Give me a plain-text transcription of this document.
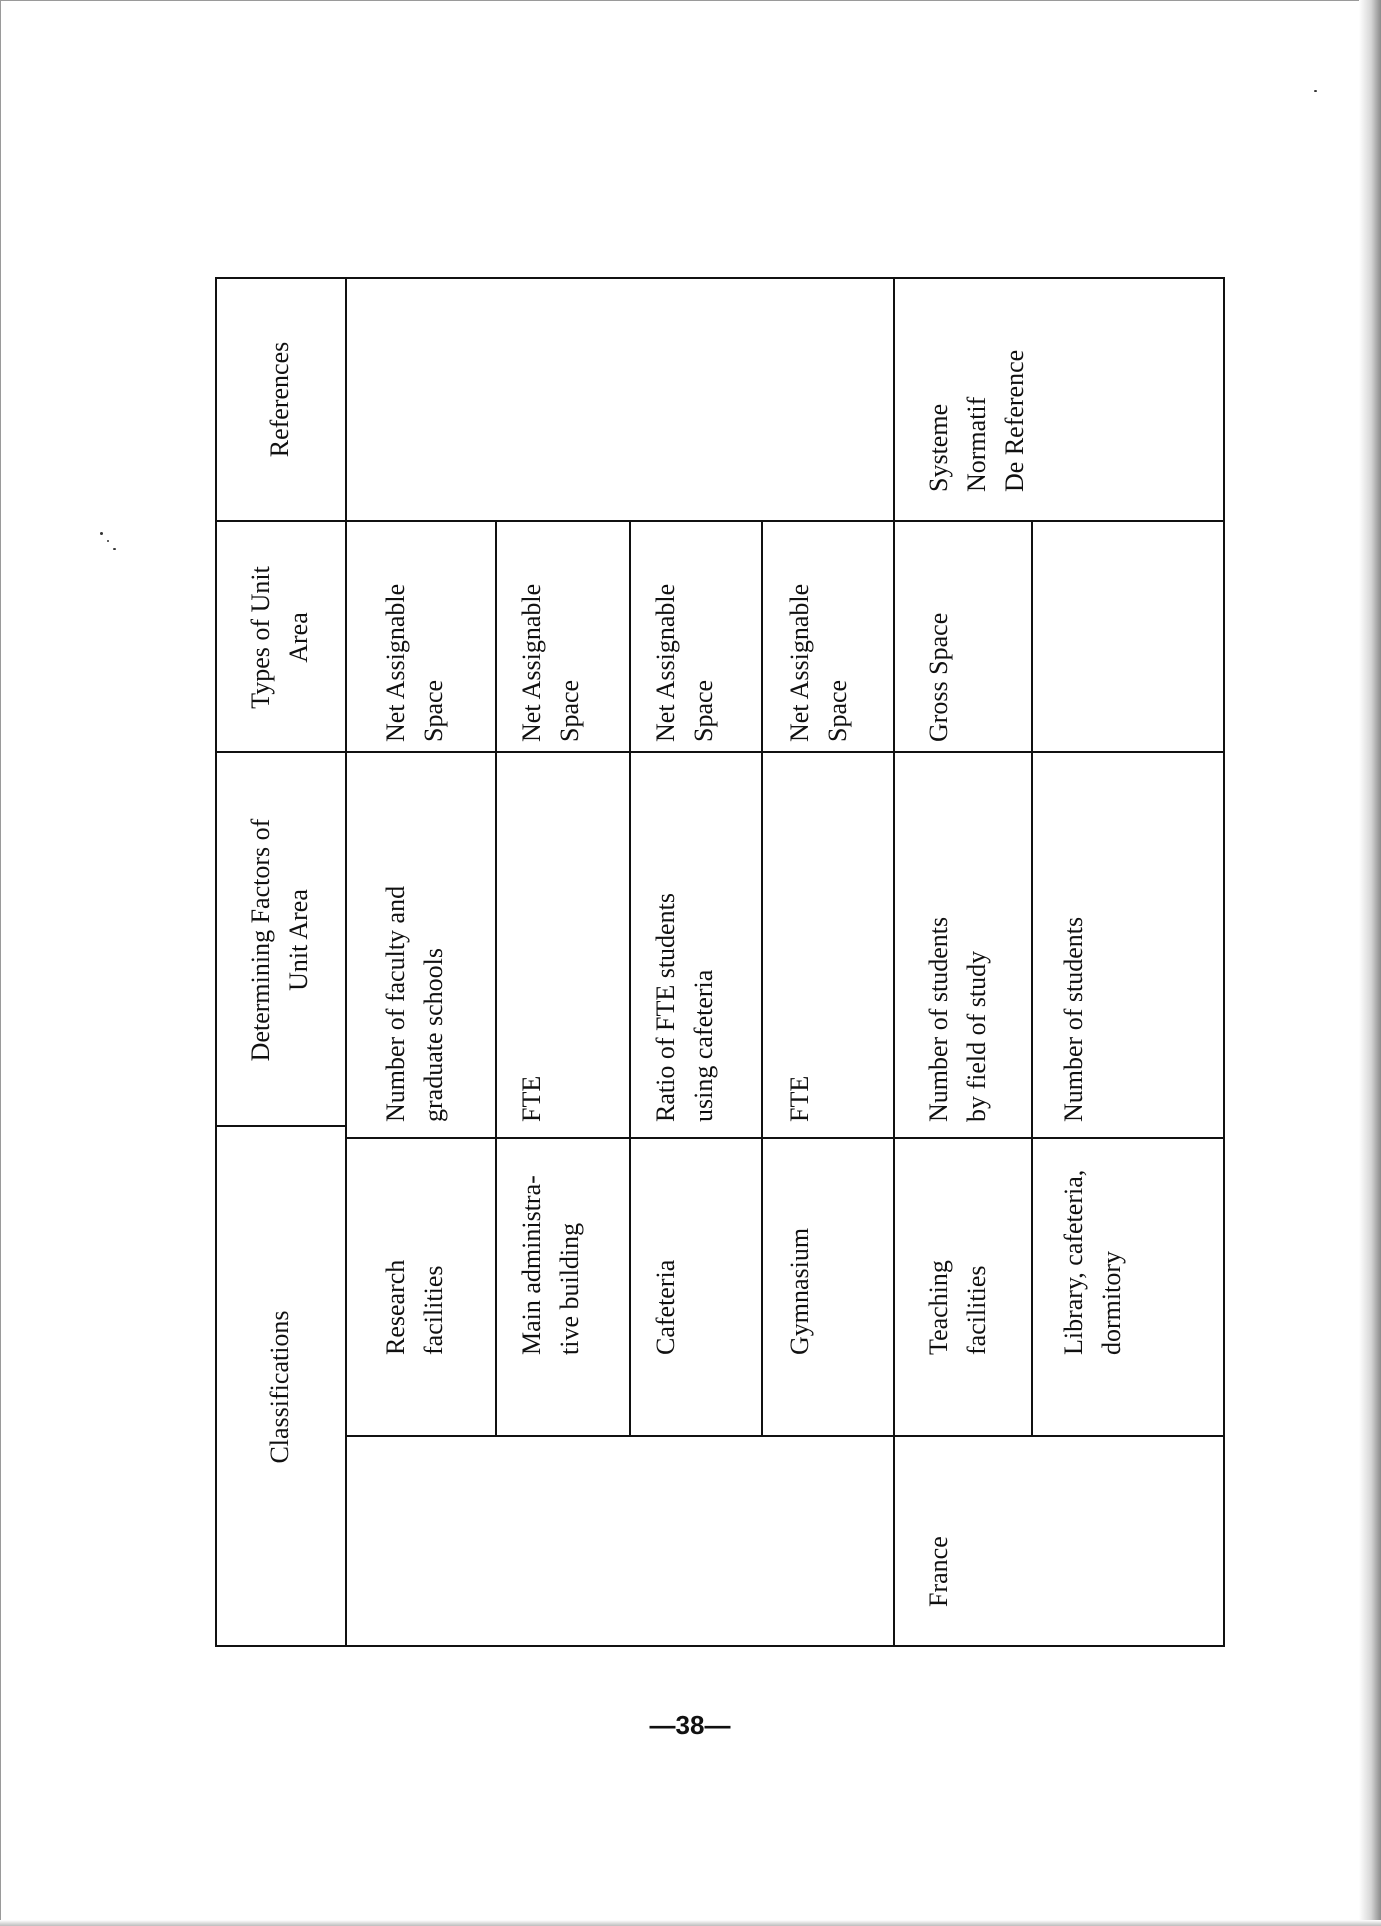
Classifications
Determining Factors of
Unit Area
Types of Unit
Area
References
Research
facilities
Number of faculty and
graduate schools
Net Assignable
Space
Main administra-
tive building
FTE
Net Assignable
Space
Cafeteria
Ratio of FTE students
using cafeteria
Net Assignable
Space
Gymnasium
FTE
Net Assignable
Space
France
Teaching
facilities
Number of students
by field of study
Gross Space
Systeme
Normatif
De Reference
Library, cafeteria,
dormitory
Number of students
—38—
